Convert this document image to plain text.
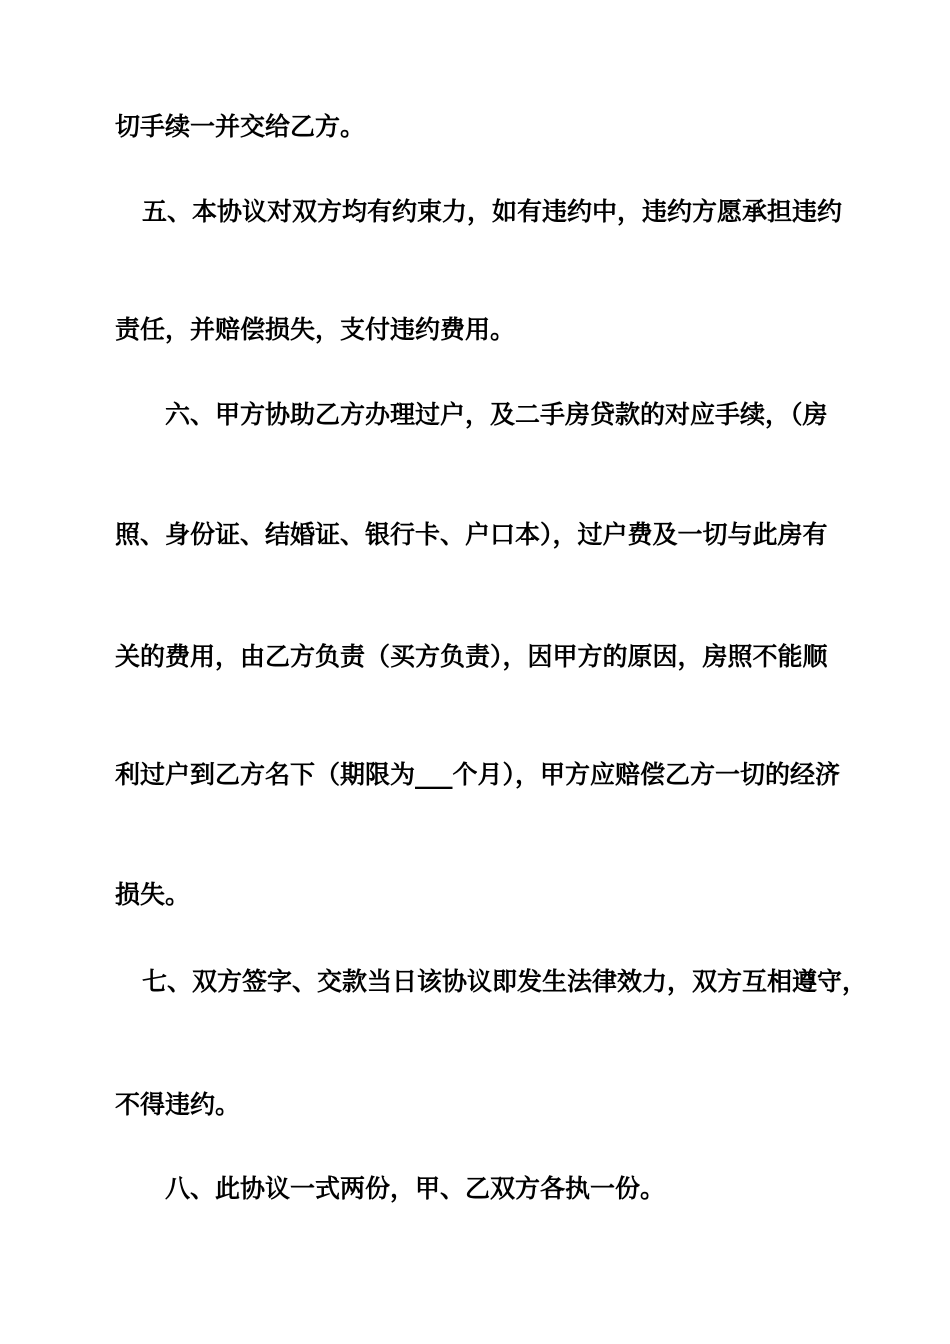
切手续一并交给乙方。

五、本协议对双方均有约束力，如有违约中，违约方愿承担违约

责任，并赔偿损失，支付违约费用。

六、甲方协助乙方办理过户，及二手房贷款的对应手续，（房

照、身份证、结婚证、银行卡、户口本），过户费及一切与此房有

关的费用，由乙方负责（买方负责），因甲方的原因，房照不能顺

利过户到乙方名下（期限为___个月），甲方应赔偿乙方一切的经济

损失。

七、双方签字、交款当日该协议即发生法律效力，双方互相遵守，

不得违约。

八、此协议一式两份，甲、乙双方各执一份。
